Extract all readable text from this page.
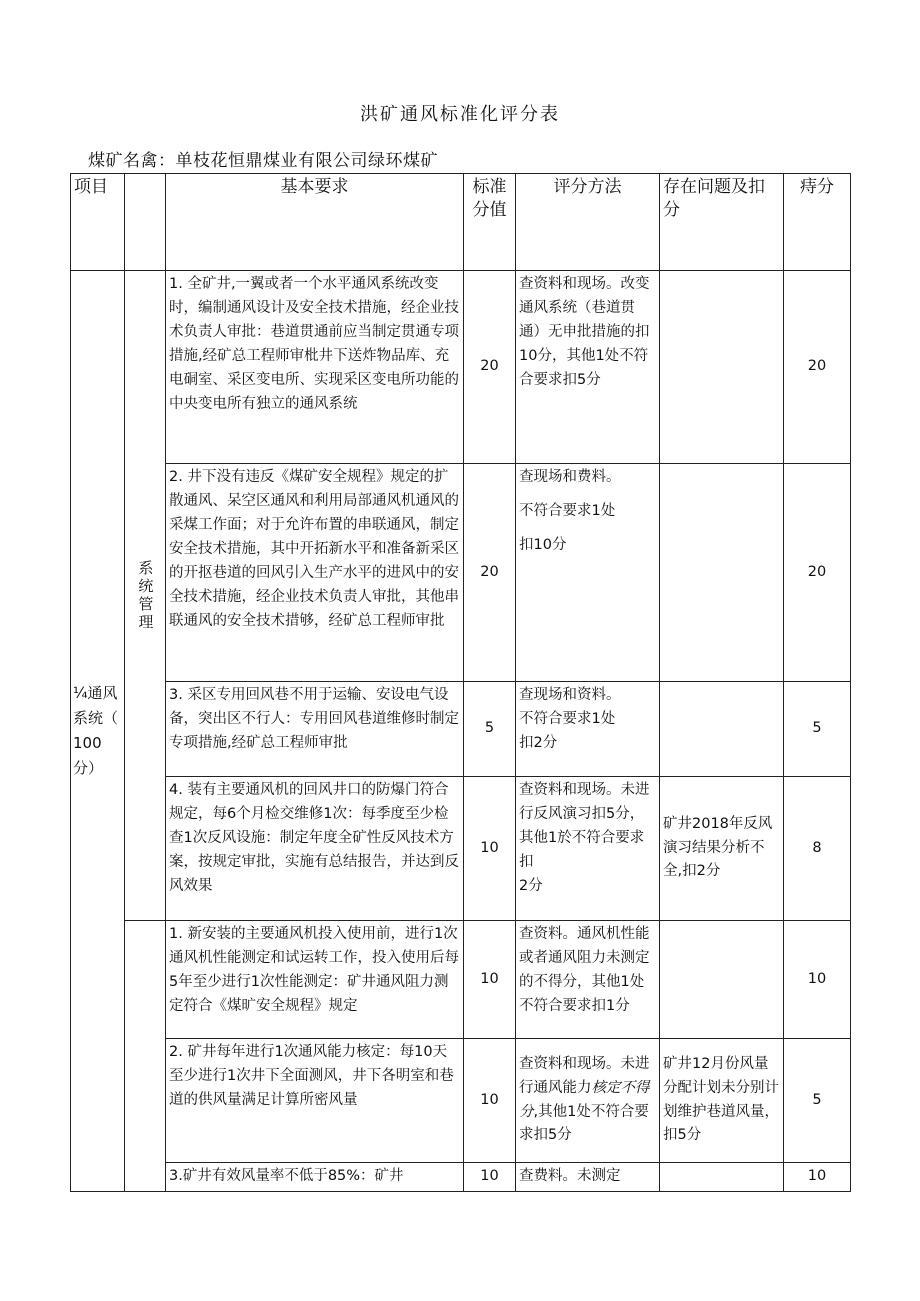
洪矿通风标准化评分表
煤矿名禽：单枝花恒鼎煤业有限公司绿环煤矿
项目		基本要求	标准分值	评分方法	存在问题及扣分	痔分
¼通风系统（ 100 分）	系统管理	1. 全矿井,一翼或者一个水平通风系统改变时，编制通风设计及安全技术措施，经企业技术负责人审批：巷道贯通前应当制定贯通专项措施,经矿总工程师审枇井下送炸物品库、充电硐室、采区变电所、实现采区变电所功能的中央变电所有独立的通风系统	20	查资料和现场。改变通风系统（巷道贯通）无申批措施的扣10分，其他1处不符合要求扣5分		20
		2. 井下没有违反《煤矿安全规程》规定的扩散通风、呆空区通风和利用局部通风机通风的采煤工作面；对于允许布置的串联通风，制定安全技术措施，其中开拓新水平和准备新采区的开抠巷道的回风引入生产水平的进风中的安全技术措施，经企业技术负责人审批，其他串联通风的安全技术措够，经矿总工程师审批	20	查现场和费料。

不符合要求1处

扣10分		20
		3. 采区专用回风巷不用于运输、安设电气设备，突出区不行人：专用回风巷道维修时制定专项措施,经矿总工程师审批	5	查现场和资料。

不符合要求1处

扣2分		5
		4. 装有主要通风机的回风井口的防爆门符合规定，每6个月检交维修1次：每季度至少检查1次反风设施：制定年度全矿性反风技术方案，按规定审批，实施有总结报告，并达到反风效果	10	查资料和现场。未进行反风演习扣5分，其他1於不符合要求扣

2分	矿井2018年反风演习结果分析不全,扣2分	8
		1. 新安装的主要通风机投入使用前，进行1次通风机性能测定和试运转工作，投入使用后每5年至少进行1次性能测定：矿井通风阻力测定符合《煤旷安全规程》规定	10	查资料。通风机性能或者通风阻力未测定的不得分，其他1处不符合要求扣1分		10
		2. 矿井每年进行1次通风能力核定：每10天至少进行1次井下全面测风，井下各明室和巷道的供风量满足计算所密风量	10	查资料和现场。未进行通风能力核定不得分,其他1处不符合要求扣5分	矿井12月份风量分配计划未分别计划维护巷道风量，扣5分	5
		3.矿井有效风量率不低于85%：矿井	10	查费料。未测定		10
